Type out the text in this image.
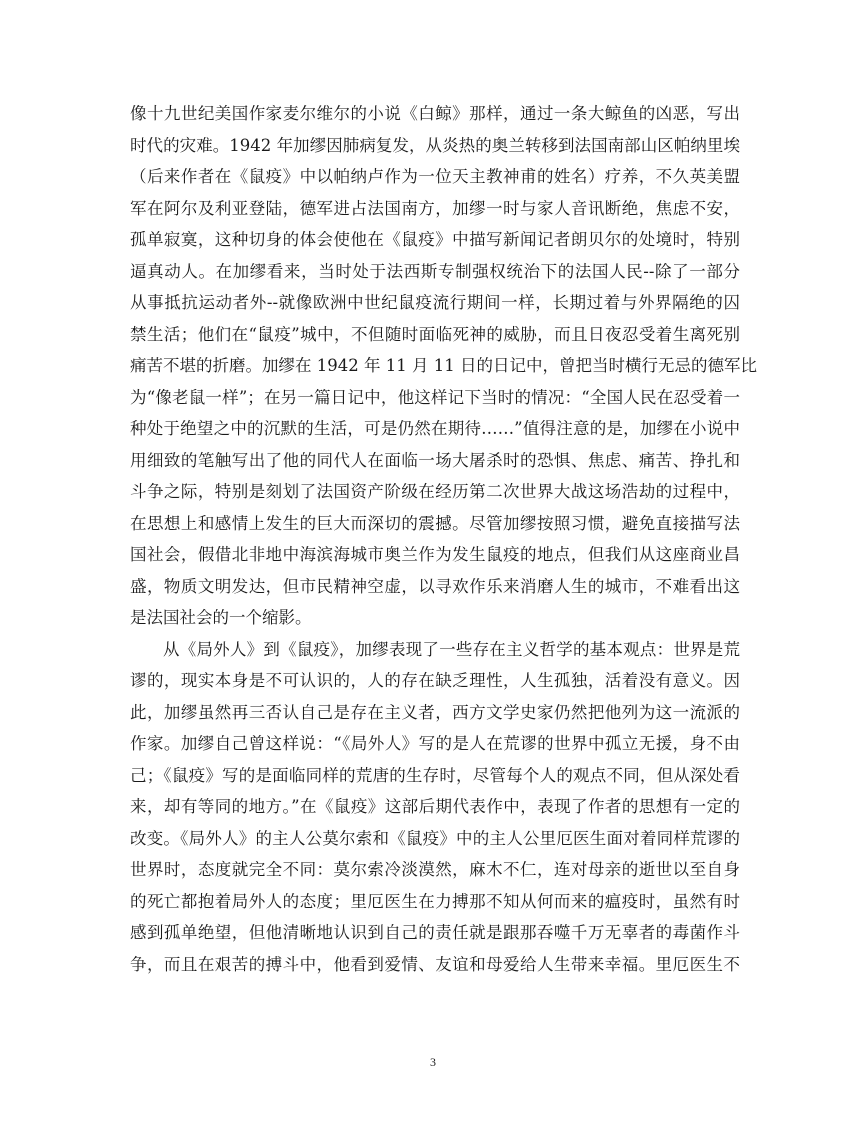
像十九世纪美国作家麦尔维尔的小说《白鲸》那样，通过一条大鲸鱼的凶恶，写出
时代的灾难。1942 年加缪因肺病复发，从炎热的奥兰转移到法国南部山区帕纳里埃
（后来作者在《鼠疫》中以帕纳卢作为一位天主教神甫的姓名）疗养，不久英美盟
军在阿尔及利亚登陆，德军进占法国南方，加缪一时与家人音讯断绝，焦虑不安，
孤单寂寞，这种切身的体会使他在《鼠疫》中描写新闻记者朗贝尔的处境时，特别
逼真动人。在加缪看来，当时处于法西斯专制强权统治下的法国人民--除了一部分
从事抵抗运动者外--就像欧洲中世纪鼠疫流行期间一样，长期过着与外界隔绝的囚
禁生活；他们在“鼠疫”城中，不但随时面临死神的威胁，而且日夜忍受着生离死别
痛苦不堪的折磨。加缪在 1942 年 11 月 11 日的日记中，曾把当时横行无忌的德军比
为“像老鼠一样”；在另一篇日记中，他这样记下当时的情况：“全国人民在忍受着一
种处于绝望之中的沉默的生活，可是仍然在期待……”值得注意的是，加缪在小说中
用细致的笔触写出了他的同代人在面临一场大屠杀时的恐惧、焦虑、痛苦、挣扎和
斗争之际，特别是刻划了法国资产阶级在经历第二次世界大战这场浩劫的过程中，
在思想上和感情上发生的巨大而深切的震撼。尽管加缪按照习惯，避免直接描写法
国社会，假借北非地中海滨海城市奥兰作为发生鼠疫的地点，但我们从这座商业昌
盛，物质文明发达，但市民精神空虚，以寻欢作乐来消磨人生的城市，不难看出这
是法国社会的一个缩影。
从《局外人》到《鼠疫》，加缪表现了一些存在主义哲学的基本观点：世界是荒
谬的，现实本身是不可认识的，人的存在缺乏理性，人生孤独，活着没有意义。因
此，加缪虽然再三否认自己是存在主义者，西方文学史家仍然把他列为这一流派的
作家。加缪自己曾这样说：“《局外人》写的是人在荒谬的世界中孤立无援，身不由
己；《鼠疫》写的是面临同样的荒唐的生存时，尽管每个人的观点不同，但从深处看
来，却有等同的地方。”在《鼠疫》这部后期代表作中，表现了作者的思想有一定的
改变。《局外人》的主人公莫尔索和《鼠疫》中的主人公里厄医生面对着同样荒谬的
世界时，态度就完全不同：莫尔索冷淡漠然，麻木不仁，连对母亲的逝世以至自身
的死亡都抱着局外人的态度；里厄医生在力搏那不知从何而来的瘟疫时，虽然有时
感到孤单绝望，但他清晰地认识到自己的责任就是跟那吞噬千万无辜者的毒菌作斗
争，而且在艰苦的搏斗中，他看到爱情、友谊和母爱给人生带来幸福。里厄医生不
3
